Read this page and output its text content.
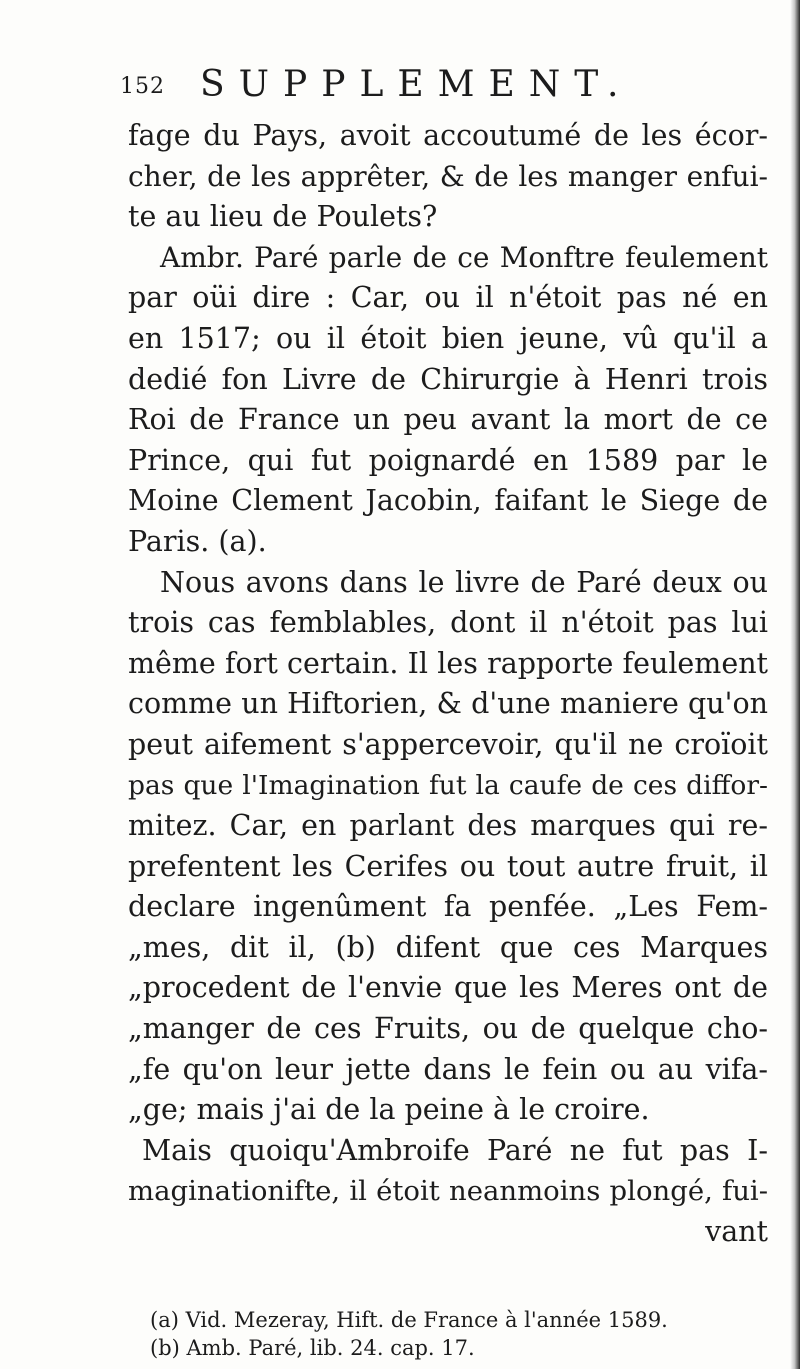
152 SUPPLEMENT.
fage du Pays, avoit accoutumé de les écor-
cher, de les apprêter, & de les manger enfui-
te au lieu de Poulets?
Ambr. Paré parle de ce Monftre feulement
par oüi dire : Car, ou il n'étoit pas né en
en 1517; ou il étoit bien jeune, vû qu'il a
dedié fon Livre de Chirurgie à Henri trois
Roi de France un peu avant la mort de ce
Prince, qui fut poignardé en 1589 par le
Moine Clement Jacobin, faifant le Siege de
Paris. (a).
Nous avons dans le livre de Paré deux ou
trois cas femblables, dont il n'étoit pas lui
même fort certain. Il les rapporte feulement
comme un Hiftorien, & d'une maniere qu'on
peut aifement s'appercevoir, qu'il ne croïoit
pas que l'Imagination fut la caufe de ces diffor-
mitez. Car, en parlant des marques qui re-
prefentent les Cerifes ou tout autre fruit, il
declare ingenûment fa penfée. „Les Fem-
„mes, dit il, (b) difent que ces Marques
„procedent de l'envie que les Meres ont de
„manger de ces Fruits, ou de quelque cho-
„fe qu'on leur jette dans le fein ou au vifa-
„ge; mais j'ai de la peine à le croire.
Mais quoiqu'Ambroife Paré ne fut pas I-
maginationifte, il étoit neanmoins plongé, fui-
vant
(a) Vid. Mezeray, Hift. de France à l'année 1589.
(b) Amb. Paré, lib. 24. cap. 17.
